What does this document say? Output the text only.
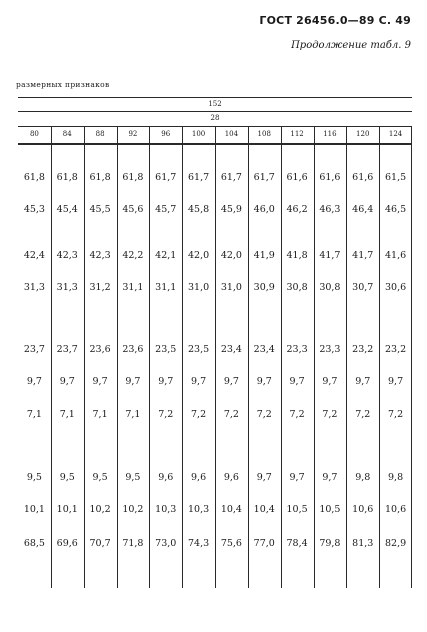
ГОСТ 26456.0—89 С. 49
Продолжение табл. 9
размерных признаков
152
28
80	84	88	92	96	100	104	108	112	116	120	124
61,8	61,8	61,8	61,8	61,7	61,7	61,7	61,7	61,6	61,6	61,6	61,5
45,3	45,4	45,5	45,6	45,7	45,8	45,9	46,0	46,2	46,3	46,4	46,5
42,4	42,3	42,3	42,2	42,1	42,0	42,0	41,9	41,8	41,7	41,7	41,6
31,3	31,3	31,2	31,1	31,1	31,0	31,0	30,9	30,8	30,8	30,7	30,6
23,7	23,7	23,6	23,6	23,5	23,5	23,4	23,4	23,3	23,3	23,2	23,2
9,7	9,7	9,7	9,7	9,7	9,7	9,7	9,7	9,7	9,7	9,7	9,7
7,1	7,1	7,1	7,1	7,2	7,2	7,2	7,2	7,2	7,2	7,2	7,2
9,5	9,5	9,5	9,5	9,6	9,6	9,6	9,7	9,7	9,7	9,8	9,8
10,1	10,1	10,2	10,2	10,3	10,3	10,4	10,4	10,5	10,5	10,6	10,6
68,5	69,6	70,7	71,8	73,0	74,3	75,6	77,0	78,4	79,8	81,3	82,9
